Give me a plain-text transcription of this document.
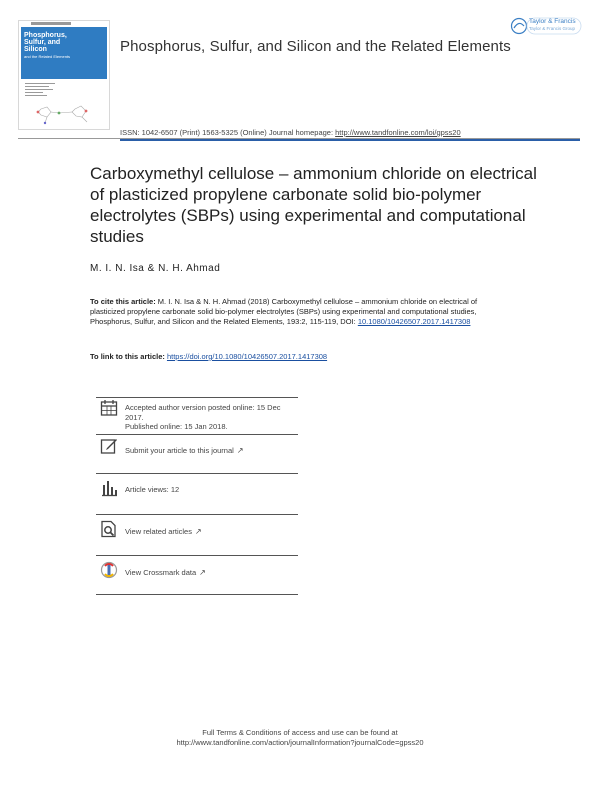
Phosphorus,
Sulfur, and
Silicon
and the Related Elements
Phosphorus, Sulfur, and Silicon and the Related Elements
Taylor & Francis
Taylor & Francis Group
ISSN: 1042-6507 (Print) 1563-5325 (Online) Journal homepage: http://www.tandfonline.com/loi/gpss20
Carboxymethyl cellulose – ammonium chloride on electrical of plasticized propylene carbonate solid bio-polymer electrolytes (SBPs) using experimental and computational studies
M. I. N. Isa & N. H. Ahmad
To cite this article: M. I. N. Isa & N. H. Ahmad (2018) Carboxymethyl cellulose – ammonium chloride on electrical of plasticized propylene carbonate solid bio-polymer electrolytes (SBPs) using experimental and computational studies, Phosphorus, Sulfur, and Silicon and the Related Elements, 193:2, 115-119, DOI: 10.1080/10426507.2017.1417308
To link to this article: https://doi.org/10.1080/10426507.2017.1417308
Accepted author version posted online: 15 Dec 2017.
Published online: 15 Jan 2018.
Submit your article to this journal ↗
Article views: 12
View related articles ↗
View Crossmark data ↗
Full Terms & Conditions of access and use can be found at
http://www.tandfonline.com/action/journalInformation?journalCode=gpss20
